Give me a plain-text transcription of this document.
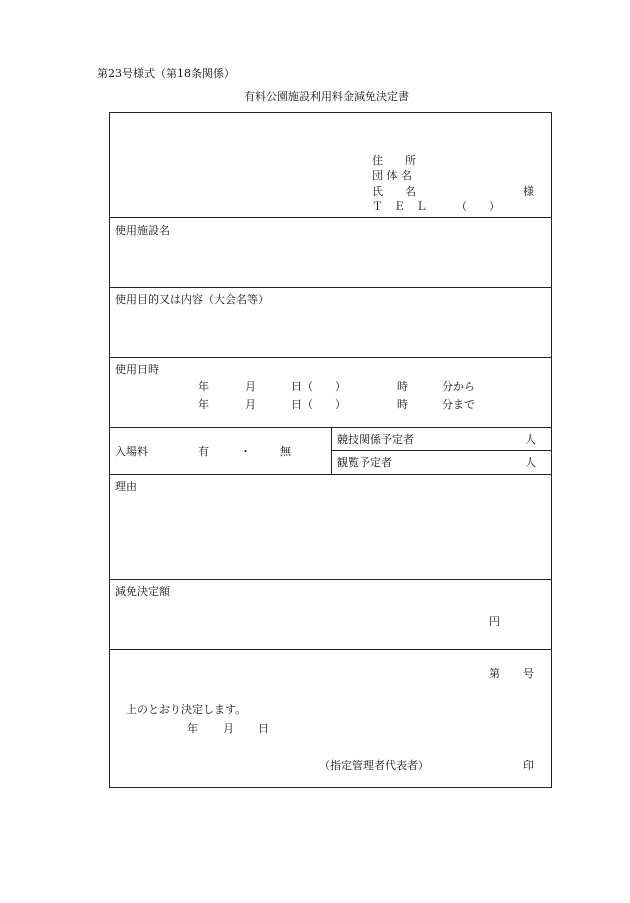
第23号様式（第18条関係）
有料公園施設利用料金減免決定書
住　　所
団 体 名
氏　　名	様
Ｔ　Ｅ　Ｌ	（　　）
使用施設名
使用目的又は内容（大会名等）
使用日時
年	月	日（　　）	時	分から
年	月	日（　　）	時	分まで
入場料	有	・	無
競技関係予定者	人
観覧予定者	人
理由
減免決定額
円
第 号
上のとおり決定します。
年 月 日
（指定管理者代表者）	印
